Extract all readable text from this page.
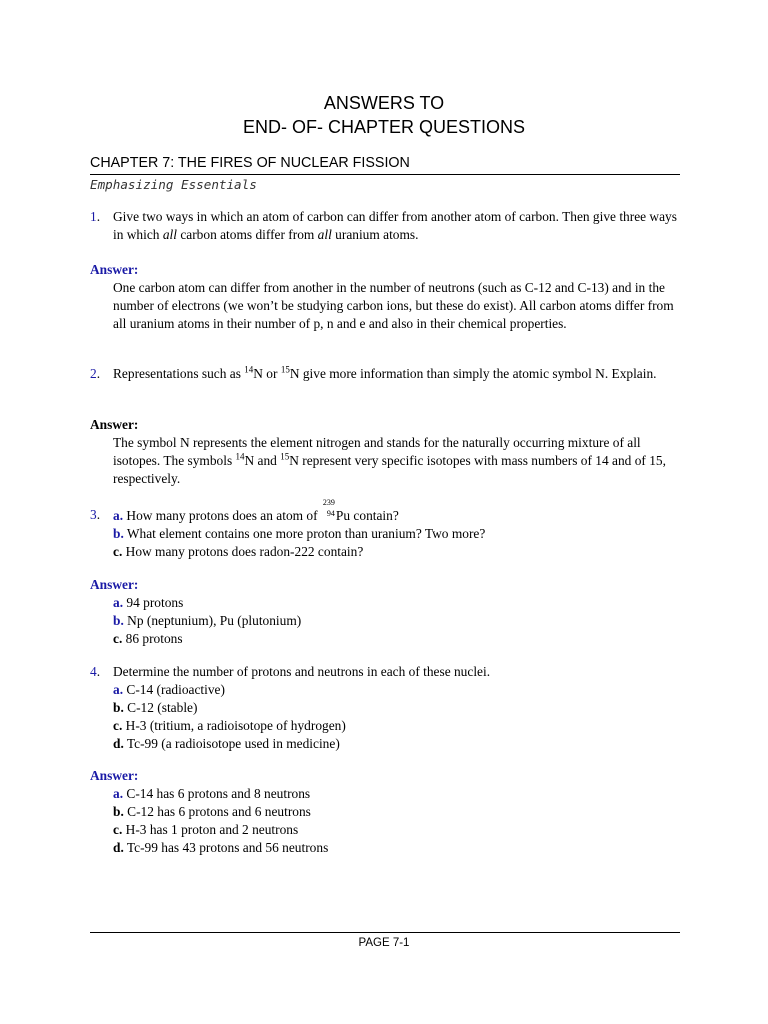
ANSWERS TO
END- OF- CHAPTER QUESTIONS
CHAPTER 7: THE FIRES OF NUCLEAR FISSION
Emphasizing Essentials
1. Give two ways in which an atom of carbon can differ from another atom of carbon. Then give three ways in which all carbon atoms differ from all uranium atoms.
Answer:
One carbon atom can differ from another in the number of neutrons (such as C-12 and C-13) and in the number of electrons (we won’t be studying carbon ions, but these do exist). All carbon atoms differ from all uranium atoms in their number of p, n and e and also in their chemical properties.
2. Representations such as $^{14}$N or $^{15}$N give more information than simply the atomic symbol N. Explain.
Answer:
The symbol N represents the element nitrogen and stands for the naturally occurring mixture of all isotopes. The symbols $^{14}$N and $^{15}$N represent very specific isotopes with mass numbers of 14 and of 15, respectively.
3. a. How many protons does an atom of
239
94 Pu contain?
b. What element contains one more proton than uranium? Two more?
c. How many protons does radon-222 contain?
Answer:
a. 94 protons
b. Np (neptunium), Pu (plutonium)
c. 86 protons
4. Determine the number of protons and neutrons in each of these nuclei.
a. C-14 (radioactive)
b. C-12 (stable)
c. H-3 (tritium, a radioisotope of hydrogen)
d. Tc-99 (a radioisotope used in medicine)
Answer:
a. C-14 has 6 protons and 8 neutrons
b. C-12 has 6 protons and 6 neutrons
c. H-3 has 1 proton and 2 neutrons
d. Tc-99 has 43 protons and 56 neutrons
PAGE 7-1
